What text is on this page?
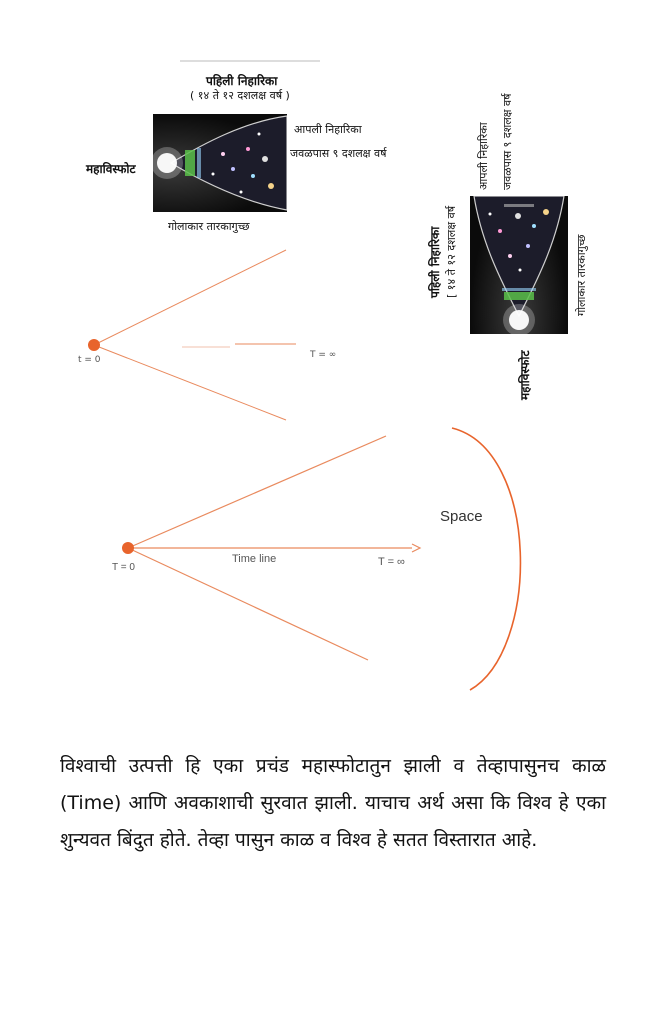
पहिली निहारिका
( १४ ते १२ दशलक्ष वर्ष )
आपली निहारिका
जवळपास ९ दशलक्ष वर्ष
महाविस्फोट
गोलाकार तारकागुच्छ
आपली निहारिका जवळपास ९ दशलक्ष वर्ष
पहिली निहारिका [ १४ ते १२ दशलक्ष वर्ष	गोलाकार तारकागुच्छ
महाविस्फोट
t = 0	T = ∞
Space
Time line
T = 0	T = ∞
विश्वाची उत्पत्ती हि एका प्रचंड महास्फोटातुन झाली व तेव्हापासुनच काळ (Time) आणि अवकाशाची सुरवात झाली. याचाच अर्थ असा कि विश्व हे एका शुन्यवत बिंदुत होते. तेव्हा पासुन काळ व विश्व हे सतत विस्तारात आहे.
